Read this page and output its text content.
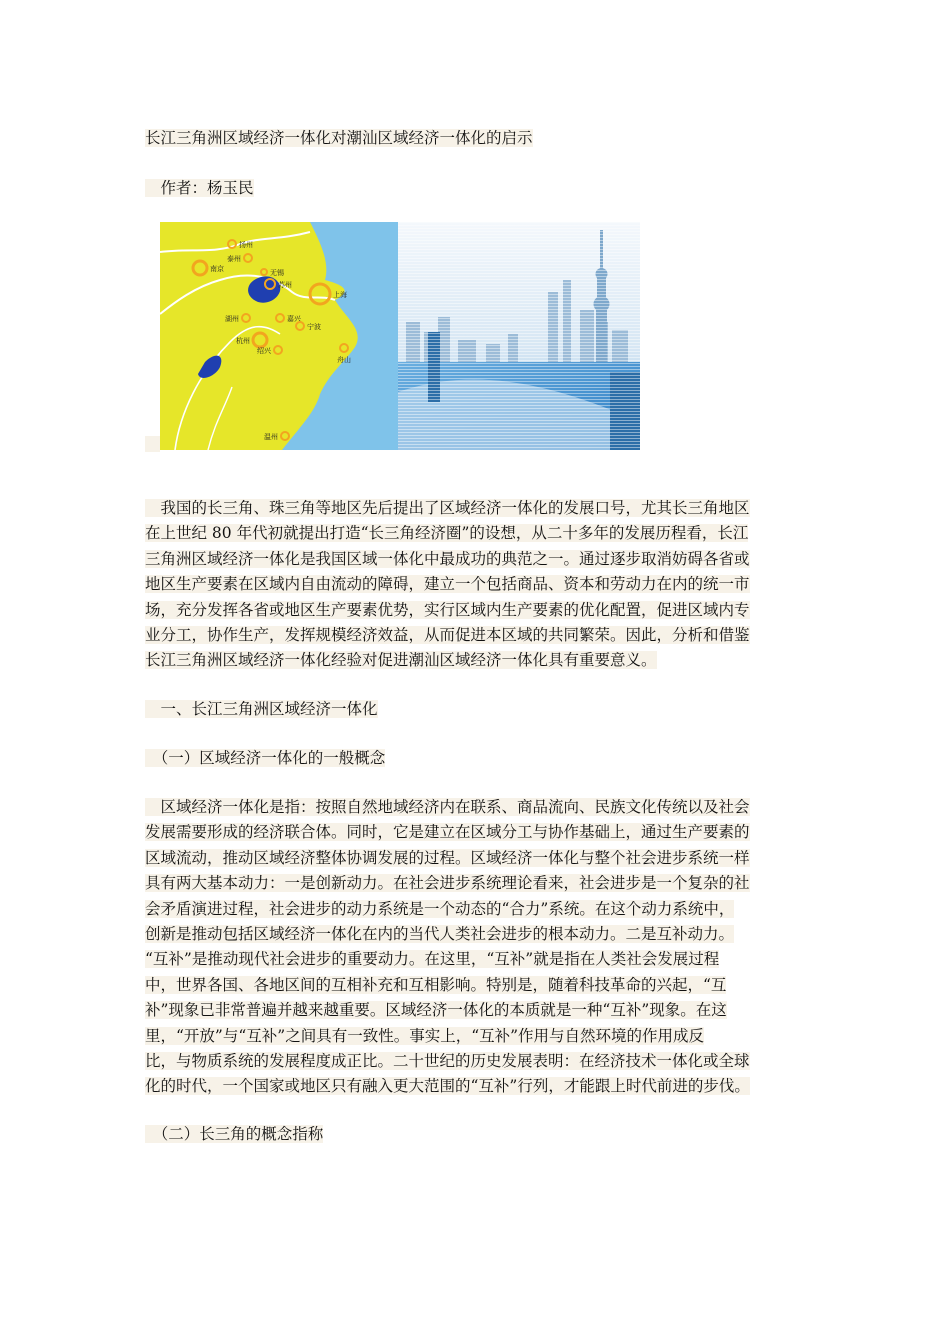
长江三角洲区域经济一体化对潮汕区域经济一体化的启示
　作者：杨玉民
扬州
泰州
南京	无锡
苏州
上海
湖州	嘉兴
杭州
宁波
绍兴
舟山
温州
　我国的长三角、珠三角等地区先后提出了区域经济一体化的发展口号，尤其长三角地区
在上世纪 80 年代初就提出打造“长三角经济圈”的设想，从二十多年的发展历程看，长江
三角洲区域经济一体化是我国区域一体化中最成功的典范之一。通过逐步取消妨碍各省或
地区生产要素在区域内自由流动的障碍，建立一个包括商品、资本和劳动力在内的统一市
场，充分发挥各省或地区生产要素优势，实行区域内生产要素的优化配置，促进区域内专
业分工，协作生产，发挥规模经济效益，从而促进本区域的共同繁荣。因此，分析和借鉴
长江三角洲区域经济一体化经验对促进潮汕区域经济一体化具有重要意义。
　一、长江三角洲区域经济一体化
　（一）区域经济一体化的一般概念
　区域经济一体化是指：按照自然地域经济内在联系、商品流向、民族文化传统以及社会
发展需要形成的经济联合体。同时，它是建立在区域分工与协作基础上，通过生产要素的
区域流动，推动区域经济整体协调发展的过程。区域经济一体化与整个社会进步系统一样
具有两大基本动力：一是创新动力。在社会进步系统理论看来，社会进步是一个复杂的社
会矛盾演进过程，社会进步的动力系统是一个动态的“合力”系统。在这个动力系统中，
创新是推动包括区域经济一体化在内的当代人类社会进步的根本动力。二是互补动力。
“互补”是推动现代社会进步的重要动力。在这里，“互补”就是指在人类社会发展过程
中，世界各国、各地区间的互相补充和互相影响。特别是，随着科技革命的兴起，“互
补”现象已非常普遍并越来越重要。区域经济一体化的本质就是一种“互补”现象。在这
里，“开放”与“互补”之间具有一致性。事实上，“互补”作用与自然环境的作用成反
比，与物质系统的发展程度成正比。二十世纪的历史发展表明：在经济技术一体化或全球
化的时代，一个国家或地区只有融入更大范围的“互补”行列，才能跟上时代前进的步伐。
　（二）长三角的概念指称
